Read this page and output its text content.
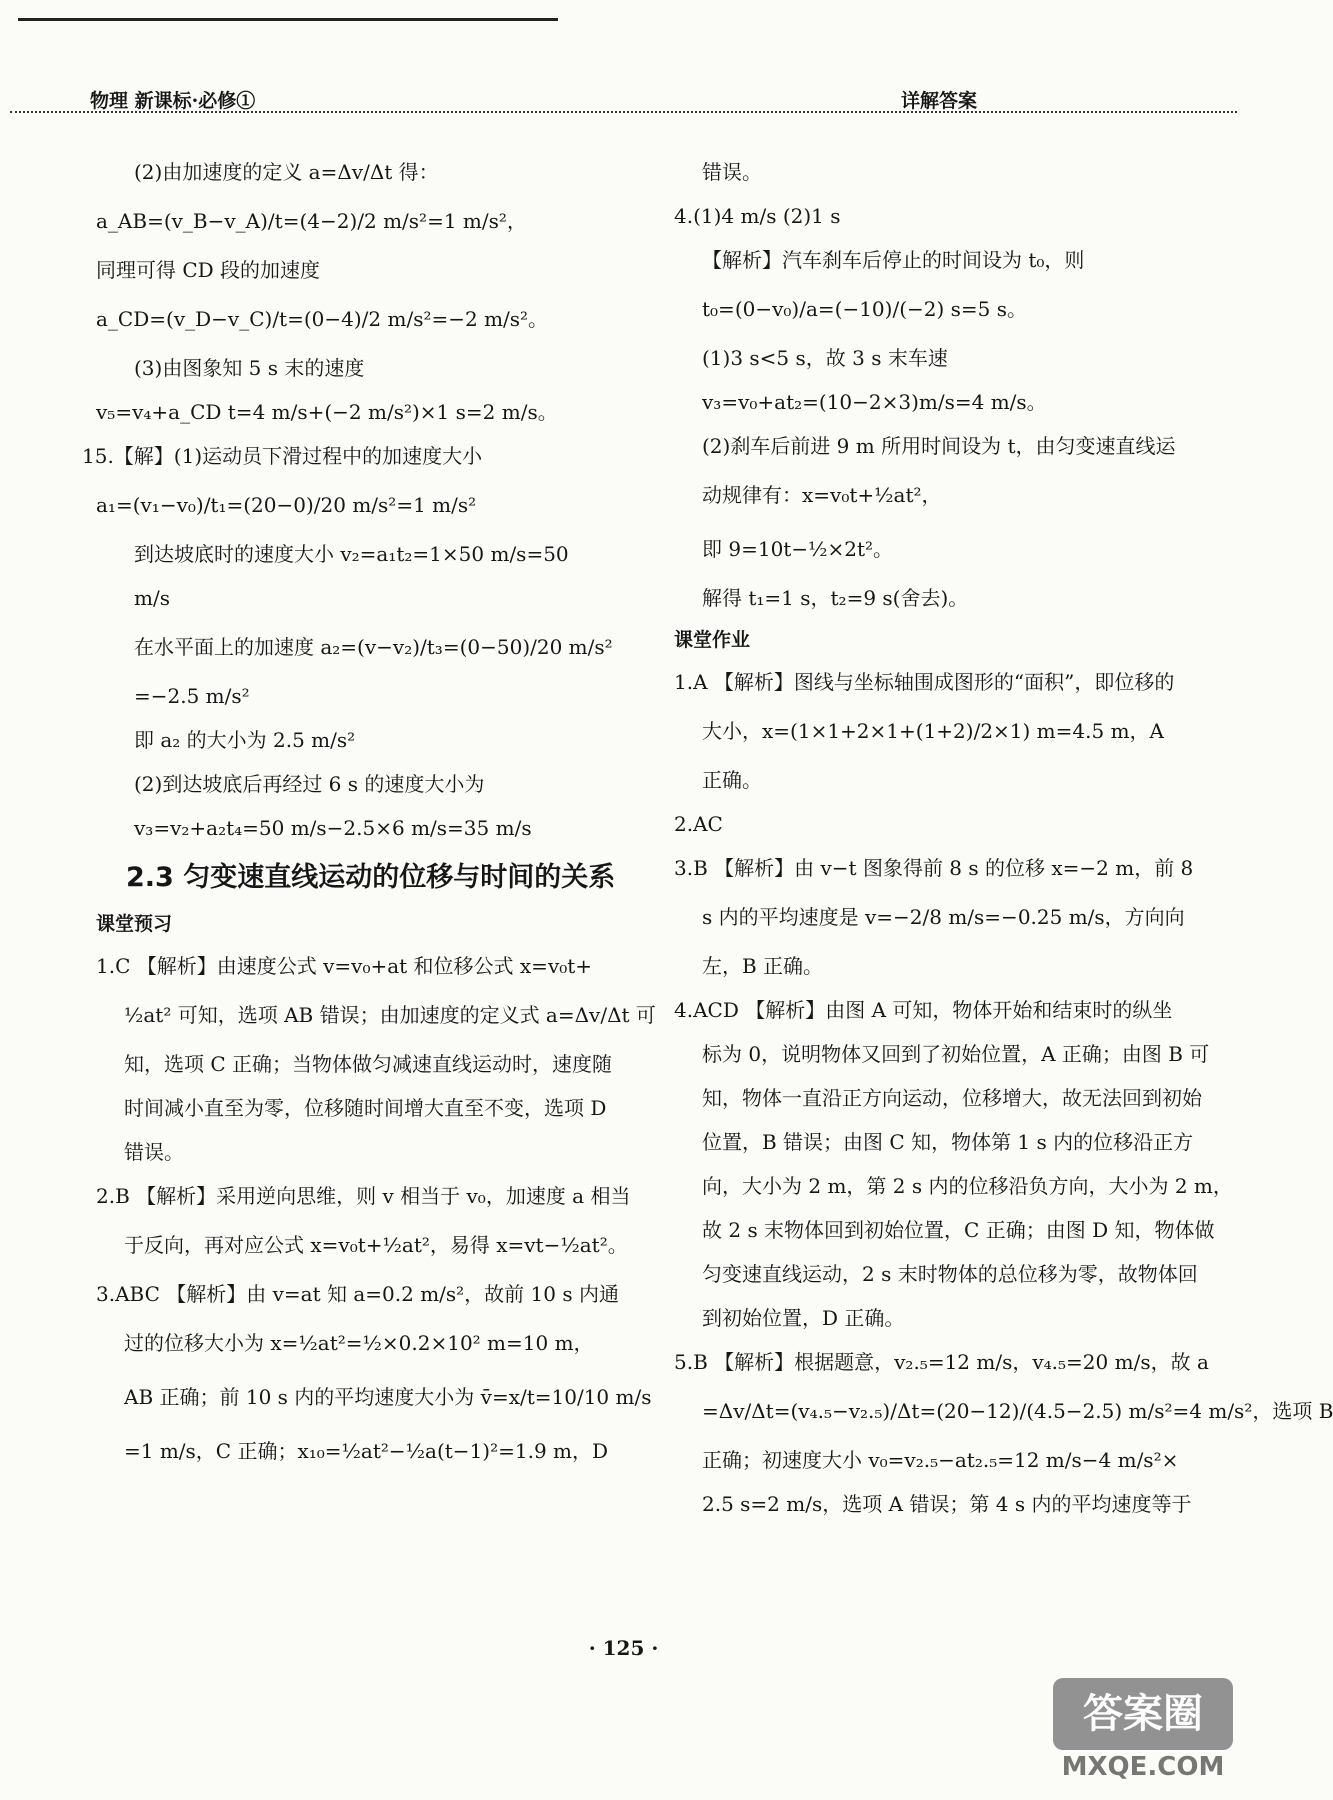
物理 新课标·必修①	详解答案

(2)由加速度的定义 a=Δv/Δt 得：

a_AB=(v_B−v_A)/t=(4−2)/2 m/s²=1 m/s²，

同理可得 CD 段的加速度

a_CD=(v_D−v_C)/t=(0−4)/2 m/s²=−2 m/s²。

(3)由图象知 5 s 末的速度

v₅=v₄+a_CD t=4 m/s+(−2 m/s²)×1 s=2 m/s。

15.【解】(1)运动员下滑过程中的加速度大小

a₁=(v₁−v₀)/t₁=(20−0)/20 m/s²=1 m/s²

到达坡底时的速度大小 v₂=a₁t₂=1×50 m/s=50

m/s

在水平面上的加速度 a₂=(v−v₂)/t₃=(0−50)/20 m/s²

=−2.5 m/s²

即 a₂ 的大小为 2.5 m/s²

(2)到达坡底后再经过 6 s 的速度大小为

v₃=v₂+a₂t₄=50 m/s−2.5×6 m/s=35 m/s

2.3 匀变速直线运动的位移与时间的关系
课堂预习

1.C 【解析】由速度公式 v=v₀+at 和位移公式 x=v₀t+

½at² 可知，选项 AB 错误；由加速度的定义式 a=Δv/Δt 可

知，选项 C 正确；当物体做匀减速直线运动时，速度随

时间减小直至为零，位移随时间增大直至不变，选项 D

错误。

2.B 【解析】采用逆向思维，则 v 相当于 v₀，加速度 a 相当

于反向，再对应公式 x=v₀t+½at²，易得 x=vt−½at²。

3.ABC 【解析】由 v=at 知 a=0.2 m/s²，故前 10 s 内通

过的位移大小为 x=½at²=½×0.2×10² m=10 m，

AB 正确；前 10 s 内的平均速度大小为 v̄=x/t=10/10 m/s

=1 m/s，C 正确；x₁₀=½at²−½a(t−1)²=1.9 m，D

错误。

4.(1)4 m/s (2)1 s

【解析】汽车刹车后停止的时间设为 t₀，则

t₀=(0−v₀)/a=(−10)/(−2) s=5 s。

(1)3 s<5 s，故 3 s 末车速

v₃=v₀+at₂=(10−2×3)m/s=4 m/s。

(2)刹车后前进 9 m 所用时间设为 t，由匀变速直线运

动规律有：x=v₀t+½at²，

即 9=10t−½×2t²。

解得 t₁=1 s，t₂=9 s(舍去)。

课堂作业

1.A 【解析】图线与坐标轴围成图形的“面积”，即位移的

大小，x=(1×1+2×1+(1+2)/2×1) m=4.5 m，A

正确。

2.AC

3.B 【解析】由 v−t 图象得前 8 s 的位移 x=−2 m，前 8

s 内的平均速度是 v=−2/8 m/s=−0.25 m/s，方向向

左，B 正确。

4.ACD 【解析】由图 A 可知，物体开始和结束时的纵坐

标为 0，说明物体又回到了初始位置，A 正确；由图 B 可

知，物体一直沿正方向运动，位移增大，故无法回到初始

位置，B 错误；由图 C 知，物体第 1 s 内的位移沿正方

向，大小为 2 m，第 2 s 内的位移沿负方向，大小为 2 m，

故 2 s 末物体回到初始位置，C 正确；由图 D 知，物体做

匀变速直线运动，2 s 末时物体的总位移为零，故物体回

到初始位置，D 正确。

5.B 【解析】根据题意，v₂.₅=12 m/s，v₄.₅=20 m/s，故 a

=Δv/Δt=(v₄.₅−v₂.₅)/Δt=(20−12)/(4.5−2.5) m/s²=4 m/s²，选项 B

正确；初速度大小 v₀=v₂.₅−at₂.₅=12 m/s−4 m/s²×

2.5 s=2 m/s，选项 A 错误；第 4 s 内的平均速度等于

· 125 ·
答案圈
MXQE.COM
